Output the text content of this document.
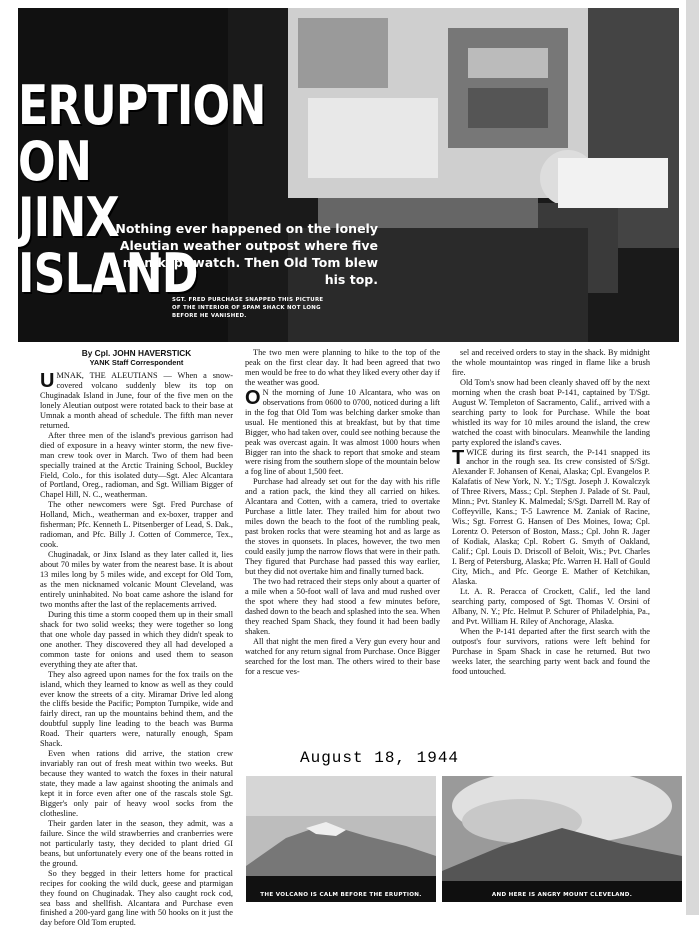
ERUPTION ON
JINX ISLAND
Nothing ever happened on the lonely Aleutian weather outpost where five men kept watch. Then Old Tom blew his top.
SGT. FRED PURCHASE SNAPPED THIS PICTURE OF THE INTERIOR OF SPAM SHACK NOT LONG BEFORE HE VANISHED.
By Cpl. JOHN HAVERSTICK
YANK Staff Correspondent

UMNAK, THE ALEUTIANS — When a snow-covered volcano suddenly blew its top on Chuginadak Island in June, four of the five men on the lonely Aleutian outpost were rotated back to their base at Umnak a month ahead of schedule. The fifth man never returned.

After three men of the island's previous garrison had died of exposure in a heavy winter storm, the new five-man crew took over in March. Two of them had been specially trained at the Arctic Training School, Buckley Field, Colo., for this isolated duty—Sgt. Alec Alcantara of Portland, Oreg., radioman, and Sgt. William Bigger of Chapel Hill, N. C., weatherman.

The other newcomers were Sgt. Fred Purchase of Holland, Mich., weatherman and ex-boxer, trapper and fisherman; Pfc. Kenneth L. Pitsenberger of Lead, S. Dak., radioman, and Pfc. Billy J. Cotten of Commerce, Tex., cook.

Chuginadak, or Jinx Island as they later called it, lies about 70 miles by water from the nearest base. It is about 13 miles long by 5 miles wide, and except for Old Tom, as the men nicknamed volcanic Mount Cleveland, was entirely uninhabited. No boat came ashore the island for two months after the last of the replacements arrived.

During this time a storm cooped them up in their small shack for two solid weeks; they were together so long that one whole day passed in which they didn't speak to one another. They discovered they all had developed a common taste for onions and used them to season everything they ate after that.

They also agreed upon names for the fox trails on the island, which they learned to know as well as they could ever know the streets of a city. Miramar Drive led along the cliffs beside the Pacific; Pompton Turnpike, wide and fairly direct, ran up the mountains behind them, and the doubtful supply line leading to the beach was Burma Road. Their quarters were, naturally enough, Spam Shack.

Even when rations did arrive, the station crew invariably ran out of fresh meat within two weeks. But because they wanted to watch the foxes in their natural state, they made a law against shooting the animals and kept it in force even after one of the rascals stole Sgt. Bigger's only pair of heavy wool socks from the clothesline.

Their garden later in the season, they admit, was a failure. Since the wild strawberries and cranberries were not particularly tasty, they decided to plant dried GI beans, but unfortunately every one of the beans rotted in the ground.

So they begged in their letters home for practical recipes for cooking the wild duck, geese and ptarmigan they found on Chuginadak. They also caught rock cod, sea bass and shellfish. Alcantara and Purchase even finished a 200-yard gang line with 50 hooks on it just the day before Old Tom erupted.

The two men were planning to hike to the top of the peak on the first clear day. It had been agreed that two men would be free to do what they liked every other day if the weather was good.

O N the morning of June 10 Alcantara, who was on observations from 0600 to 0700, noticed during a lift in the fog that Old Tom was belching darker smoke than usual. He mentioned this at breakfast, but by that time Bigger, who had taken over, could see nothing because the peak was overcast again. It was almost 1000 hours when Bigger ran into the shack to report that smoke and steam were rising from the southern slope of the mountain below a fog line of about 1,500 feet.

Purchase had already set out for the day with his rifle and a ration pack, the kind they all carried on hikes. Alcantara and Cotten, with a camera, tried to overtake Purchase a little later. They trailed him for about two miles down the beach to the foot of the rumbling peak, past broken rocks that were steaming hot and as large as the stoves in quonsets. In places, however, the two men could easily jump the narrow flows that were in their path. They figured that Purchase had passed this way earlier, but they did not overtake him and finally turned back.

The two had retraced their steps only about a quarter of a mile when a 50-foot wall of lava and mud rushed over the spot where they had stood a few minutes before, dashed down to the beach and splashed into the sea. When they reached Spam Shack, they found it had been badly shaken.

All that night the men fired a Very gun every hour and watched for any return signal from Purchase. Once Bigger searched for the lost man. The others wired to their base for a rescue ves-

sel and received orders to stay in the shack. By midnight the whole mountaintop was ringed in flame like a brush fire.

Old Tom's snow had been cleanly shaved off by the next morning when the crash boat P-141, captained by T/Sgt. August W. Templeton of Sacramento, Calif., arrived with a searching party to look for Purchase. While the boat whistled its way for 10 miles around the island, the crew watched the coast with binoculars. Meanwhile the landing party explored the island's caves.

TWICE during its first search, the P-141 snapped its anchor in the rough sea. Its crew consisted of S/Sgt. Alexander F. Johansen of Kenai, Alaska; Cpl. Evangelos P. Kalafatis of New York, N. Y.; T/Sgt. Joseph J. Kowalczyk of Three Rivers, Mass.; Cpl. Stephen J. Palade of St. Paul, Minn.; Pvt. Stanley K. Malmedal; S/Sgt. Darrell M. Ray of Coffeyville, Kans.; T-5 Lawrence M. Zaniak of Racine, Wis.; Sgt. Forrest G. Hansen of Des Moines, Iowa; Cpl. Lorentz O. Peterson of Boston, Mass.; Cpl. John R. Jager of Kodiak, Alaska; Cpl. Robert G. Smyth of Oakland, Calif.; Cpl. Louis D. Driscoll of Beloit, Wis.; Pvt. Charles I. Berg of Petersburg, Alaska; Pfc. Warren H. Hall of Gould City, Mich., and Pfc. George E. Mather of Ketchikan, Alaska.

Lt. A. R. Peracca of Crockett, Calif., led the land searching party, composed of Sgt. Thomas V. Orsini of Albany, N. Y.; Pfc. Helmut P. Schurer of Philadelphia, Pa., and Pvt. William H. Riley of Anchorage, Alaska.

When the P-141 departed after the first search with the outpost's four survivors, rations were left behind for Purchase in Spam Shack in case he returned. But two weeks later, the searching party went back and found the food untouched.

August 18, 1944
THE VOLCANO IS CALM BEFORE THE ERUPTION.	AND HERE IS ANGRY MOUNT CLEVELAND.
